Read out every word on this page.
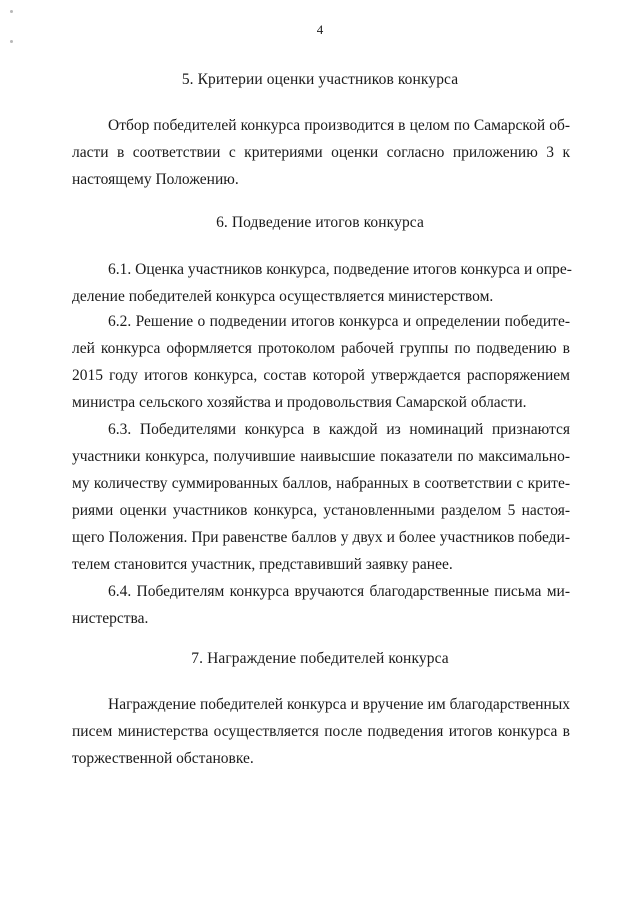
4
5. Критерии оценки участников конкурса

Отбор победителей конкурса производится в целом по Самарской об-
ласти в соответствии с критериями оценки согласно приложению 3 к
настоящему Положению.

6. Подведение итогов конкурса

6.1. Оценка участников конкурса, подведение итогов конкурса и опре-
деление победителей конкурса осуществляется министерством.

6.2. Решение о подведении итогов конкурса и определении победите-
лей конкурса оформляется протоколом рабочей группы по подведению в
2015 году итогов конкурса, состав которой утверждается распоряжением
министра сельского хозяйства и продовольствия Самарской области.

6.3. Победителями конкурса в каждой из номинаций признаются
участники конкурса, получившие наивысшие показатели по максимально-
му количеству суммированных баллов, набранных в соответствии с крите-
риями оценки участников конкурса, установленными разделом 5 настоя-
щего Положения. При равенстве баллов у двух и более участников победи-
телем становится участник, представивший заявку ранее.

6.4. Победителям конкурса вручаются благодарственные письма ми-
нистерства.

7. Награждение победителей конкурса

Награждение победителей конкурса и вручение им благодарственных
писем министерства осуществляется после подведения итогов конкурса в
торжественной обстановке.
